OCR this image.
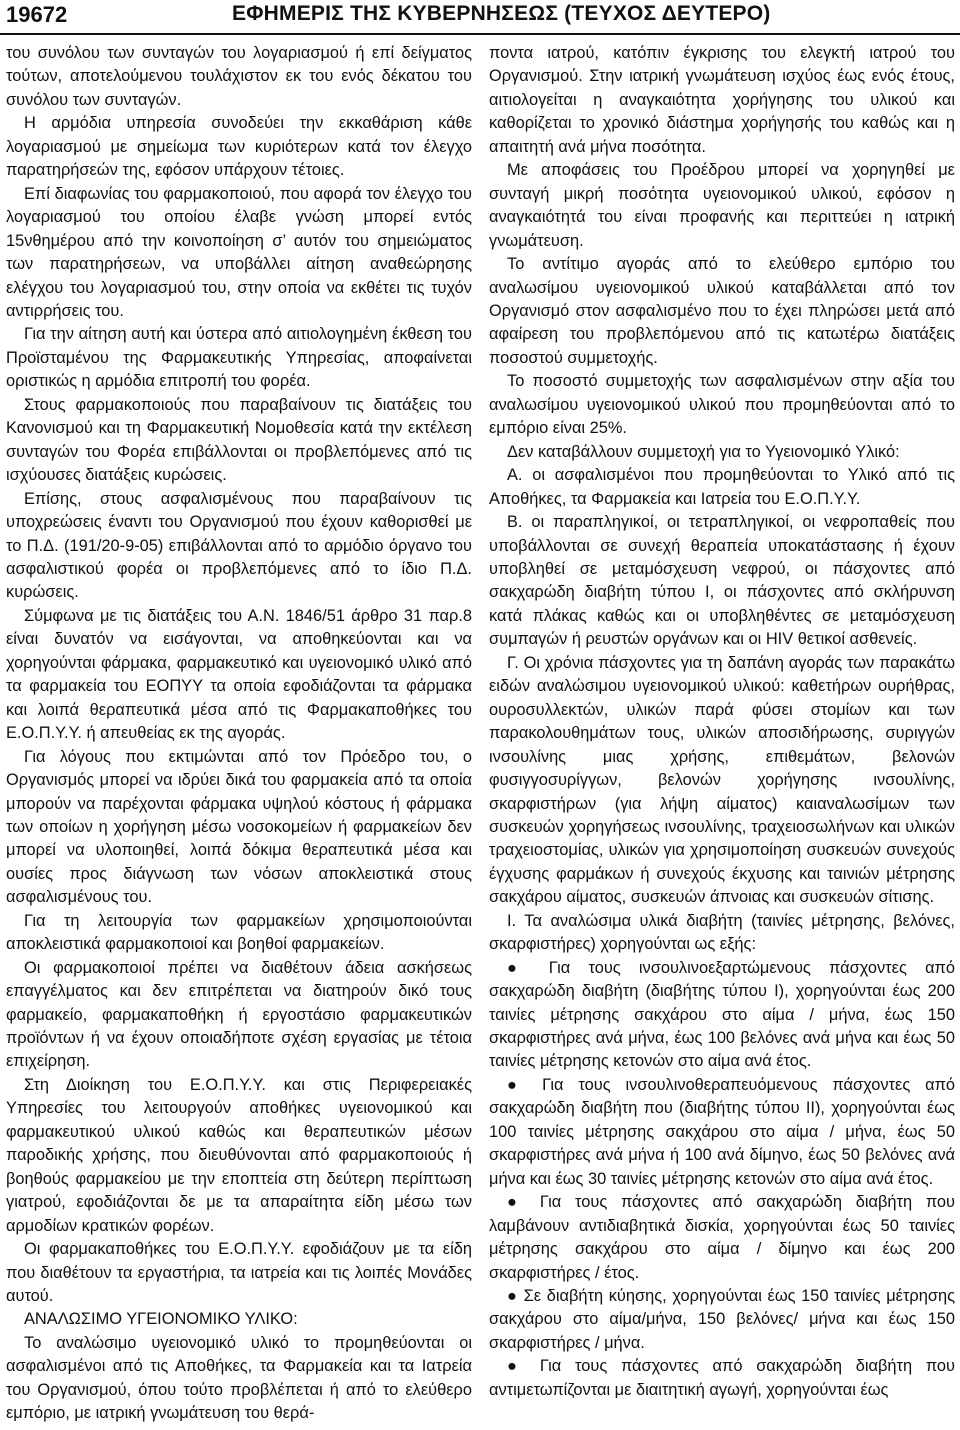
19672	ΕΦΗΜΕΡΙΣ ΤΗΣ ΚΥΒΕΡΝΗΣΕΩΣ (ΤΕΥΧΟΣ ΔΕΥΤΕΡΟ)

του συνόλου των συνταγών του λογαριασμού ή επί δείγματος τούτων, αποτελούμενου τουλάχιστον εκ του ενός δέκατου του συνόλου των συνταγών.

Η αρμόδια υπηρεσία συνοδεύει την εκκαθάριση κάθε λογαριασμού με σημείωμα των κυριότερων κατά τον έλεγχο παρατηρήσεών της, εφόσον υπάρχουν τέτοιες.

Επί διαφωνίας του φαρμακοποιού, που αφορά τον έλεγχο του λογαριασμού του οποίου έλαβε γνώση μπορεί εντός 15νθημέρου από την κοινοποίηση σ’ αυτόν του σημειώματος των παρατηρήσεων, να υποβάλλει αίτηση αναθεώρησης ελέγχου του λογαριασμού του, στην οποία να εκθέτει τις τυχόν αντιρρήσεις του.

Για την αίτηση αυτή και ύστερα από αιτιολογημένη έκθεση του Προϊσταμένου της Φαρμακευτικής Υπηρεσίας, αποφαίνεται οριστικώς η αρμόδια επιτροπή του φορέα.

Στους φαρμακοποιούς που παραβαίνουν τις διατάξεις του Κανονισμού και τη Φαρμακευτική Νομοθεσία κατά την εκτέλεση συνταγών του Φορέα επιβάλλονται οι προβλεπόμενες από τις ισχύουσες διατάξεις κυρώσεις.

Επίσης, στους ασφαλισμένους που παραβαίνουν τις υποχρεώσεις έναντι του Οργανισμού που έχουν καθορισθεί με το Π.Δ. (191/20-9-05) επιβάλλονται από το αρμόδιο όργανο του ασφαλιστικού φορέα οι προβλεπόμενες από το ίδιο Π.Δ. κυρώσεις.

Σύμφωνα με τις διατάξεις του Α.Ν. 1846/51 άρθρο 31 παρ.8 είναι δυνατόν να εισάγονται, να αποθηκεύονται και να χορηγούνται φάρμακα, φαρμακευτικό και υγειονομικό υλικό από τα φαρμακεία του ΕΟΠΥΥ τα οποία εφοδιάζονται τα φάρμακα και λοιπά θεραπευτικά μέσα από τις Φαρμακαποθήκες του Ε.Ο.Π.Υ.Υ. ή απευθείας εκ της αγοράς.

Για λόγους που εκτιμώνται από τον Πρόεδρο του, ο Οργανισμός μπορεί να ιδρύει δικά του φαρμακεία από τα οποία μπορούν να παρέχονται φάρμακα υψηλού κόστους ή φάρμακα των οποίων η χορήγηση μέσω νοσοκομείων ή φαρμακείων δεν μπορεί να υλοποιηθεί, λοιπά δόκιμα θεραπευτικά μέσα και ουσίες προς διάγνωση των νόσων αποκλειστικά στους ασφαλισμένους του.

Για τη λειτουργία των φαρμακείων χρησιμοποιούνται αποκλειστικά φαρμακοποιοί και βοηθοί φαρμακείων.

Οι φαρμακοποιοί πρέπει να διαθέτουν άδεια ασκήσεως επαγγέλματος και δεν επιτρέπεται να διατηρούν δικό τους φαρμακείο, φαρμακαποθήκη ή εργοστάσιο φαρμακευτικών προϊόντων ή να έχουν οποιαδήποτε σχέση εργασίας με τέτοια επιχείρηση.

Στη Διοίκηση του Ε.Ο.Π.Υ.Υ. και στις Περιφερειακές Υπηρεσίες του λειτουργούν αποθήκες υγειονομικού και φαρμακευτικού υλικού καθώς και θεραπευτικών μέσων παροδικής χρήσης, που διευθύνονται από φαρμακοποιούς ή βοηθούς φαρμακείου με την εποπτεία στη δεύτερη περίπτωση γιατρού, εφοδιάζονται δε με τα απαραίτητα είδη μέσω των αρμοδίων κρατικών φορέων.

Οι φαρμακαποθήκες του Ε.Ο.Π.Υ.Υ. εφοδιάζουν με τα είδη που διαθέτουν τα εργαστήρια, τα ιατρεία και τις λοιπές Μονάδες αυτού.

ΑΝΑΛΩΣΙΜΟ ΥΓΕΙΟΝΟΜΙΚΟ ΥΛΙΚΟ:

Το αναλώσιμο υγειονομικό υλικό το προμηθεύονται οι ασφαλισμένοι από τις Αποθήκες, τα Φαρμακεία και τα Ιατρεία του Οργανισμού, όπου τούτο προβλέπεται ή από το ελεύθερο εμπόριο, με ιατρική γνωμάτευση του θερά-

ποντα ιατρού, κατόπιν έγκρισης του ελεγκτή ιατρού του Οργανισμού. Στην ιατρική γνωμάτευση ισχύος έως ενός έτους, αιτιολογείται η αναγκαιότητα χορήγησης του υλικού και καθορίζεται το χρονικό διάστημα χορήγησής του καθώς και η απαιτητή ανά μήνα ποσότητα.

Με αποφάσεις του Προέδρου μπορεί να χορηγηθεί με συνταγή μικρή ποσότητα υγειονομικού υλικού, εφόσον η αναγκαιότητά του είναι προφανής και περιττεύει η ιατρική γνωμάτευση.

Το αντίτιμο αγοράς από το ελεύθερο εμπόριο του αναλωσίμου υγειονομικού υλικού καταβάλλεται από τον Οργανισμό στον ασφαλισμένο που το έχει πληρώσει μετά από αφαίρεση του προβλεπόμενου από τις κατωτέρω διατάξεις ποσοστού συμμετοχής.

Το ποσοστό συμμετοχής των ασφαλισμένων στην αξία του αναλωσίμου υγειονομικού υλικού που προμηθεύονται από το εμπόριο είναι 25%.

Δεν καταβάλλουν συμμετοχή για το Υγειονομικό Υλικό:

Α. οι ασφαλισμένοι που προμηθεύονται το Υλικό από τις Αποθήκες, τα Φαρμακεία και Ιατρεία του Ε.Ο.Π.Υ.Υ.

Β. οι παραπληγικοί, οι τετραπληγικοί, οι νεφροπαθείς που υποβάλλονται σε συνεχή θεραπεία υποκατάστασης ή έχουν υποβληθεί σε μεταμόσχευση νεφρού, οι πάσχοντες από σακχαρώδη διαβήτη τύπου Ι, οι πάσχοντες από σκλήρυνση κατά πλάκας καθώς και οι υποβληθέντες σε μεταμόσχευση συμπαγών ή ρευστών οργάνων και οι HIV θετικοί ασθενείς.

Γ. Οι χρόνια πάσχοντες για τη δαπάνη αγοράς των παρακάτω ειδών αναλώσιμου υγειονομικού υλικού: καθετήρων ουρήθρας, ουροσυλλεκτών, υλικών παρά φύσει στομίων και των παρακολουθημάτων τους, υλικών αποσιδήρωσης, συριγγών ινσουλίνης μιας χρήσης, επιθεμάτων, βελονών φυσιγγοσυρίγγων, βελονών χορήγησης ινσουλίνης, σκαρφιστήρων (για λήψη αίματος) καιαναλωσίμων των συσκευών χορηγήσεως ινσουλίνης, τραχειοσωλήνων και υλικών τραχειοστομίας, υλικών για χρησιμοποίηση συσκευών συνεχούς έγχυσης φαρμάκων ή συνεχούς έκχυσης και ταινιών μέτρησης σακχάρου αίματος, συσκευών άπνοιας και συσκευών σίτισης.

Ι. Τα αναλώσιμα υλικά διαβήτη (ταινίες μέτρησης, βελόνες, σκαρφιστήρες) χορηγούνται ως εξής:

● Για τους ινσουλινοεξαρτώμενους πάσχοντες από σακχαρώδη διαβήτη (διαβήτης τύπου Ι), χορηγούνται έως 200 ταινίες μέτρησης σακχάρου στο αίμα / μήνα, έως 150 σκαρφιστήρες ανά μήνα, έως 100 βελόνες ανά μήνα και έως 50 ταινίες μέτρησης κετονών στο αίμα ανά έτος.

● Για τους ινσουλινοθεραπευόμενους πάσχοντες από σακχαρώδη διαβήτη που (διαβήτης τύπου ΙΙ), χορηγούνται έως 100 ταινίες μέτρησης σακχάρου στο αίμα / μήνα, έως 50 σκαρφιστήρες ανά μήνα ή 100 ανά δίμηνο, έως 50 βελόνες ανά μήνα και έως 30 ταινίες μέτρησης κετονών στο αίμα ανά έτος.

● Για τους πάσχοντες από σακχαρώδη διαβήτη που λαμβάνουν αντιδιαβητικά δισκία, χορηγούνται έως 50 ταινίες μέτρησης σακχάρου στο αίμα / δίμηνο και έως 200 σκαρφιστήρες / έτος.

● Σε διαβήτη κύησης, χορηγούνται έως 150 ταινίες μέτρησης σακχάρου στο αίμα/μήνα, 150 βελόνες/ μήνα και έως 150 σκαρφιστήρες / μήνα.

● Για τους πάσχοντες από σακχαρώδη διαβήτη που αντιμετωπίζονται με διαιτητική αγωγή, χορηγούνται έως
